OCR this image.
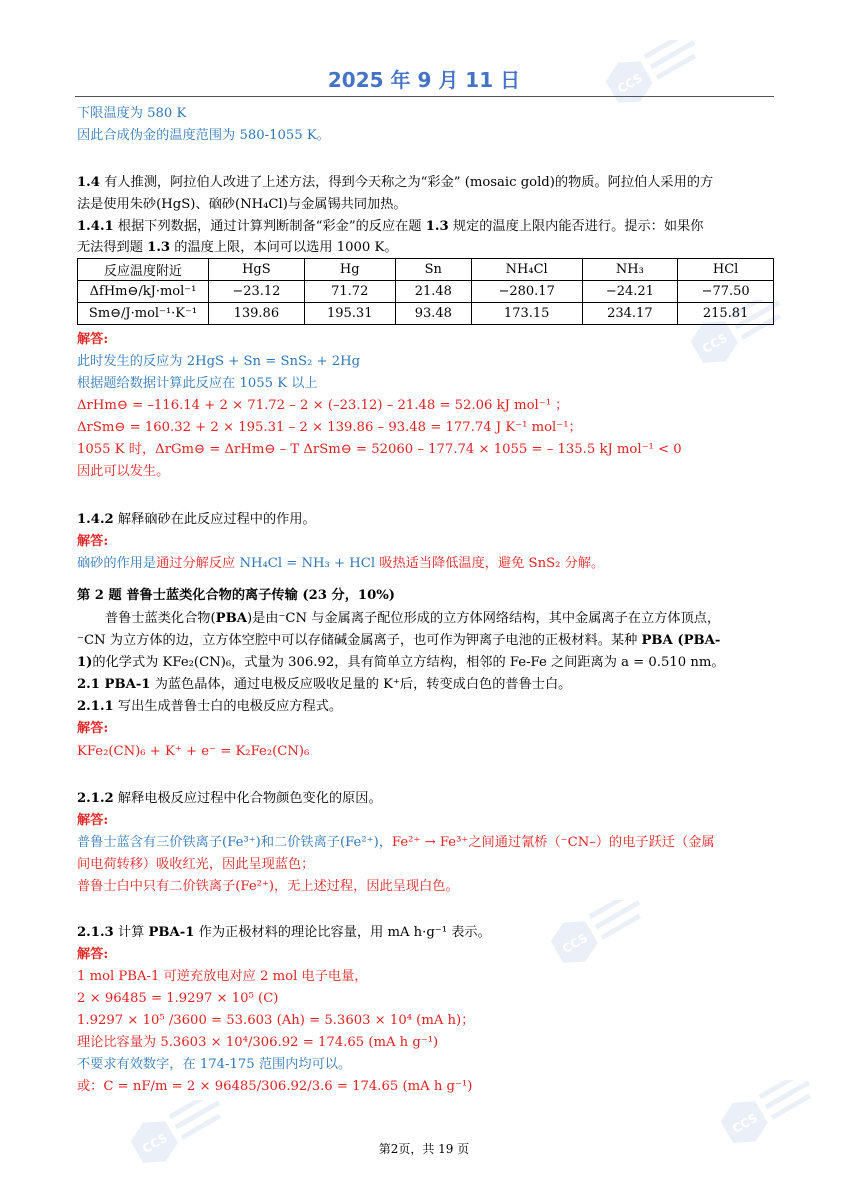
2025 年 9 月 11 日
下限温度为 580 K
因此合成伪金的温度范围为 580-1055 K。
1.4 有人推测，阿拉伯人改进了上述方法，得到今天称之为“彩金” (mosaic gold)的物质。阿拉伯人采用的方
法是使用朱砂(HgS)、硇砂(NH₄Cl)与金属锡共同加热。
1.4.1 根据下列数据，通过计算判断制备“彩金”的反应在题 1.3 规定的温度上限内能否进行。提示：如果你
无法得到题 1.3 的温度上限，本问可以选用 1000 K。
反应温度附近	HgS	Hg	Sn	NH₄Cl	NH₃	HCl
ΔfHm⊖/kJ·mol⁻¹	−23.12	71.72	21.48	−280.17	−24.21	−77.50
Sm⊖/J·mol⁻¹·K⁻¹	139.86	195.31	93.48	173.15	234.17	215.81
解答:
此时发生的反应为 2HgS + Sn = SnS₂ + 2Hg
根据题给数据计算此反应在 1055 K 以上
ΔrHm⊖ = –116.14 + 2 × 71.72 – 2 × (–23.12) – 21.48 = 52.06 kJ mol⁻¹ ；
ΔrSm⊖ = 160.32 + 2 × 195.31 – 2 × 139.86 – 93.48 = 177.74 J K⁻¹ mol⁻¹；
1055 K 时，ΔrGm⊖ = ΔrHm⊖ – T ΔrSm⊖ = 52060 – 177.74 × 1055 = – 135.5 kJ mol⁻¹ < 0
因此可以发生。
1.4.2 解释硇砂在此反应过程中的作用。
解答:
硇砂的作用是通过分解反应 NH₄Cl = NH₃ + HCl 吸热适当降低温度，避免 SnS₂ 分解。
第 2 题 普鲁士蓝类化合物的离子传输 (23 分，10%)
普鲁士蓝类化合物(PBA)是由⁻CN 与金属离子配位形成的立方体网络结构，其中金属离子在立方体顶点，
⁻CN 为立方体的边，立方体空腔中可以存储碱金属离子，也可作为钾离子电池的正极材料。某种 PBA (PBA-
1)的化学式为 KFe₂(CN)₆，式量为 306.92，具有简单立方结构，相邻的 Fe-Fe 之间距离为 a = 0.510 nm。
2.1 PBA-1 为蓝色晶体，通过电极反应吸收足量的 K⁺后，转变成白色的普鲁士白。
2.1.1 写出生成普鲁士白的电极反应方程式。
解答:
KFe₂(CN)₆ + K⁺ + e⁻ = K₂Fe₂(CN)₆
2.1.2 解释电极反应过程中化合物颜色变化的原因。
解答:
普鲁士蓝含有三价铁离子(Fe³⁺)和二价铁离子(Fe²⁺)，Fe²⁺ → Fe³⁺之间通过氰桥（⁻CN–）的电子跃迁（金属
间电荷转移）吸收红光，因此呈现蓝色；
普鲁士白中只有二价铁离子(Fe²⁺)，无上述过程，因此呈现白色。
2.1.3 计算 PBA-1 作为正极材料的理论比容量，用 mA h·g⁻¹ 表示。
解答:
1 mol PBA-1 可逆充放电对应 2 mol 电子电量，
2 × 96485 = 1.9297 × 10⁵ (C)
1.9297 × 10⁵ /3600 = 53.603 (Ah) = 5.3603 × 10⁴ (mA h)；
理论比容量为 5.3603 × 10⁴/306.92 = 174.65 (mA h g⁻¹)
不要求有效数字，在 174-175 范围内均可以。
或：C = nF/m = 2 × 96485/306.92/3.6 = 174.65 (mA h g⁻¹)
第2页，共 19 页
CCS
CCS
CCS
CCS
CCS
